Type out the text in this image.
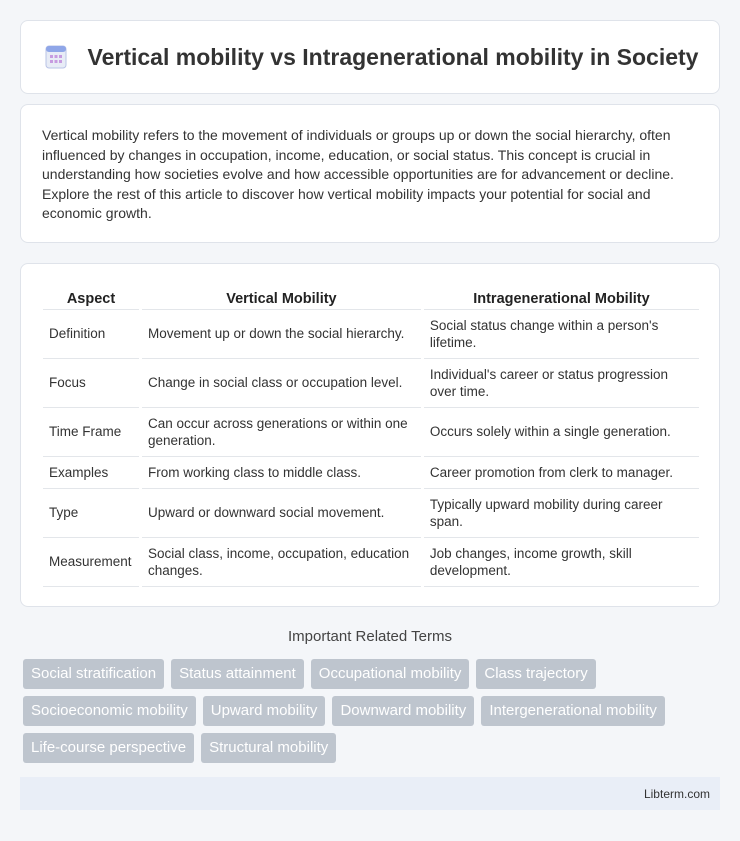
Vertical mobility vs Intragenerational mobility in Society

Vertical mobility refers to the movement of individuals or groups up or down the social hierarchy, often influenced by changes in occupation, income, education, or social status. This concept is crucial in understanding how societies evolve and how accessible opportunities are for advancement or decline. Explore the rest of this article to discover how vertical mobility impacts your potential for social and economic growth.

Aspect	Vertical Mobility	Intragenerational Mobility
Definition	Movement up or down the social hierarchy.	Social status change within a person's lifetime.
Focus	Change in social class or occupation level.	Individual's career or status progression over time.
Time Frame	Can occur across generations or within one generation.	Occurs solely within a single generation.
Examples	From working class to middle class.	Career promotion from clerk to manager.
Type	Upward or downward social movement.	Typically upward mobility during career span.
Measurement	Social class, income, occupation, education changes.	Job changes, income growth, skill development.
Important Related Terms
Social stratification	Status attainment	Occupational mobility	Class trajectory
Socioeconomic mobility	Upward mobility	Downward mobility	Intergenerational mobility
Life-course perspective	Structural mobility
Libterm.com
